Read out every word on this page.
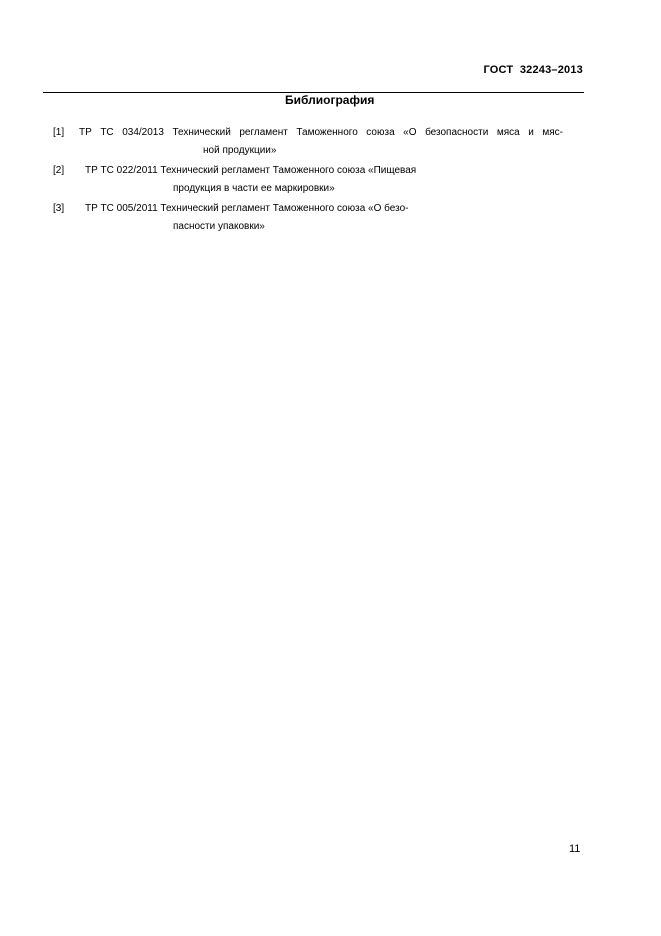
ГОСТ  32243–2013
Библиография
[1] ТР ТС 034/2013 Технический регламент Таможенного союза «О безопасности мяса и мяс-
ной продукции»
[2] ТР ТС 022/2011 Технический регламент Таможенного союза «Пищевая
продукция в части ее маркировки»
[3] ТР ТС 005/2011 Технический регламент Таможенного союза «О безо-
пасности упаковки»
11
